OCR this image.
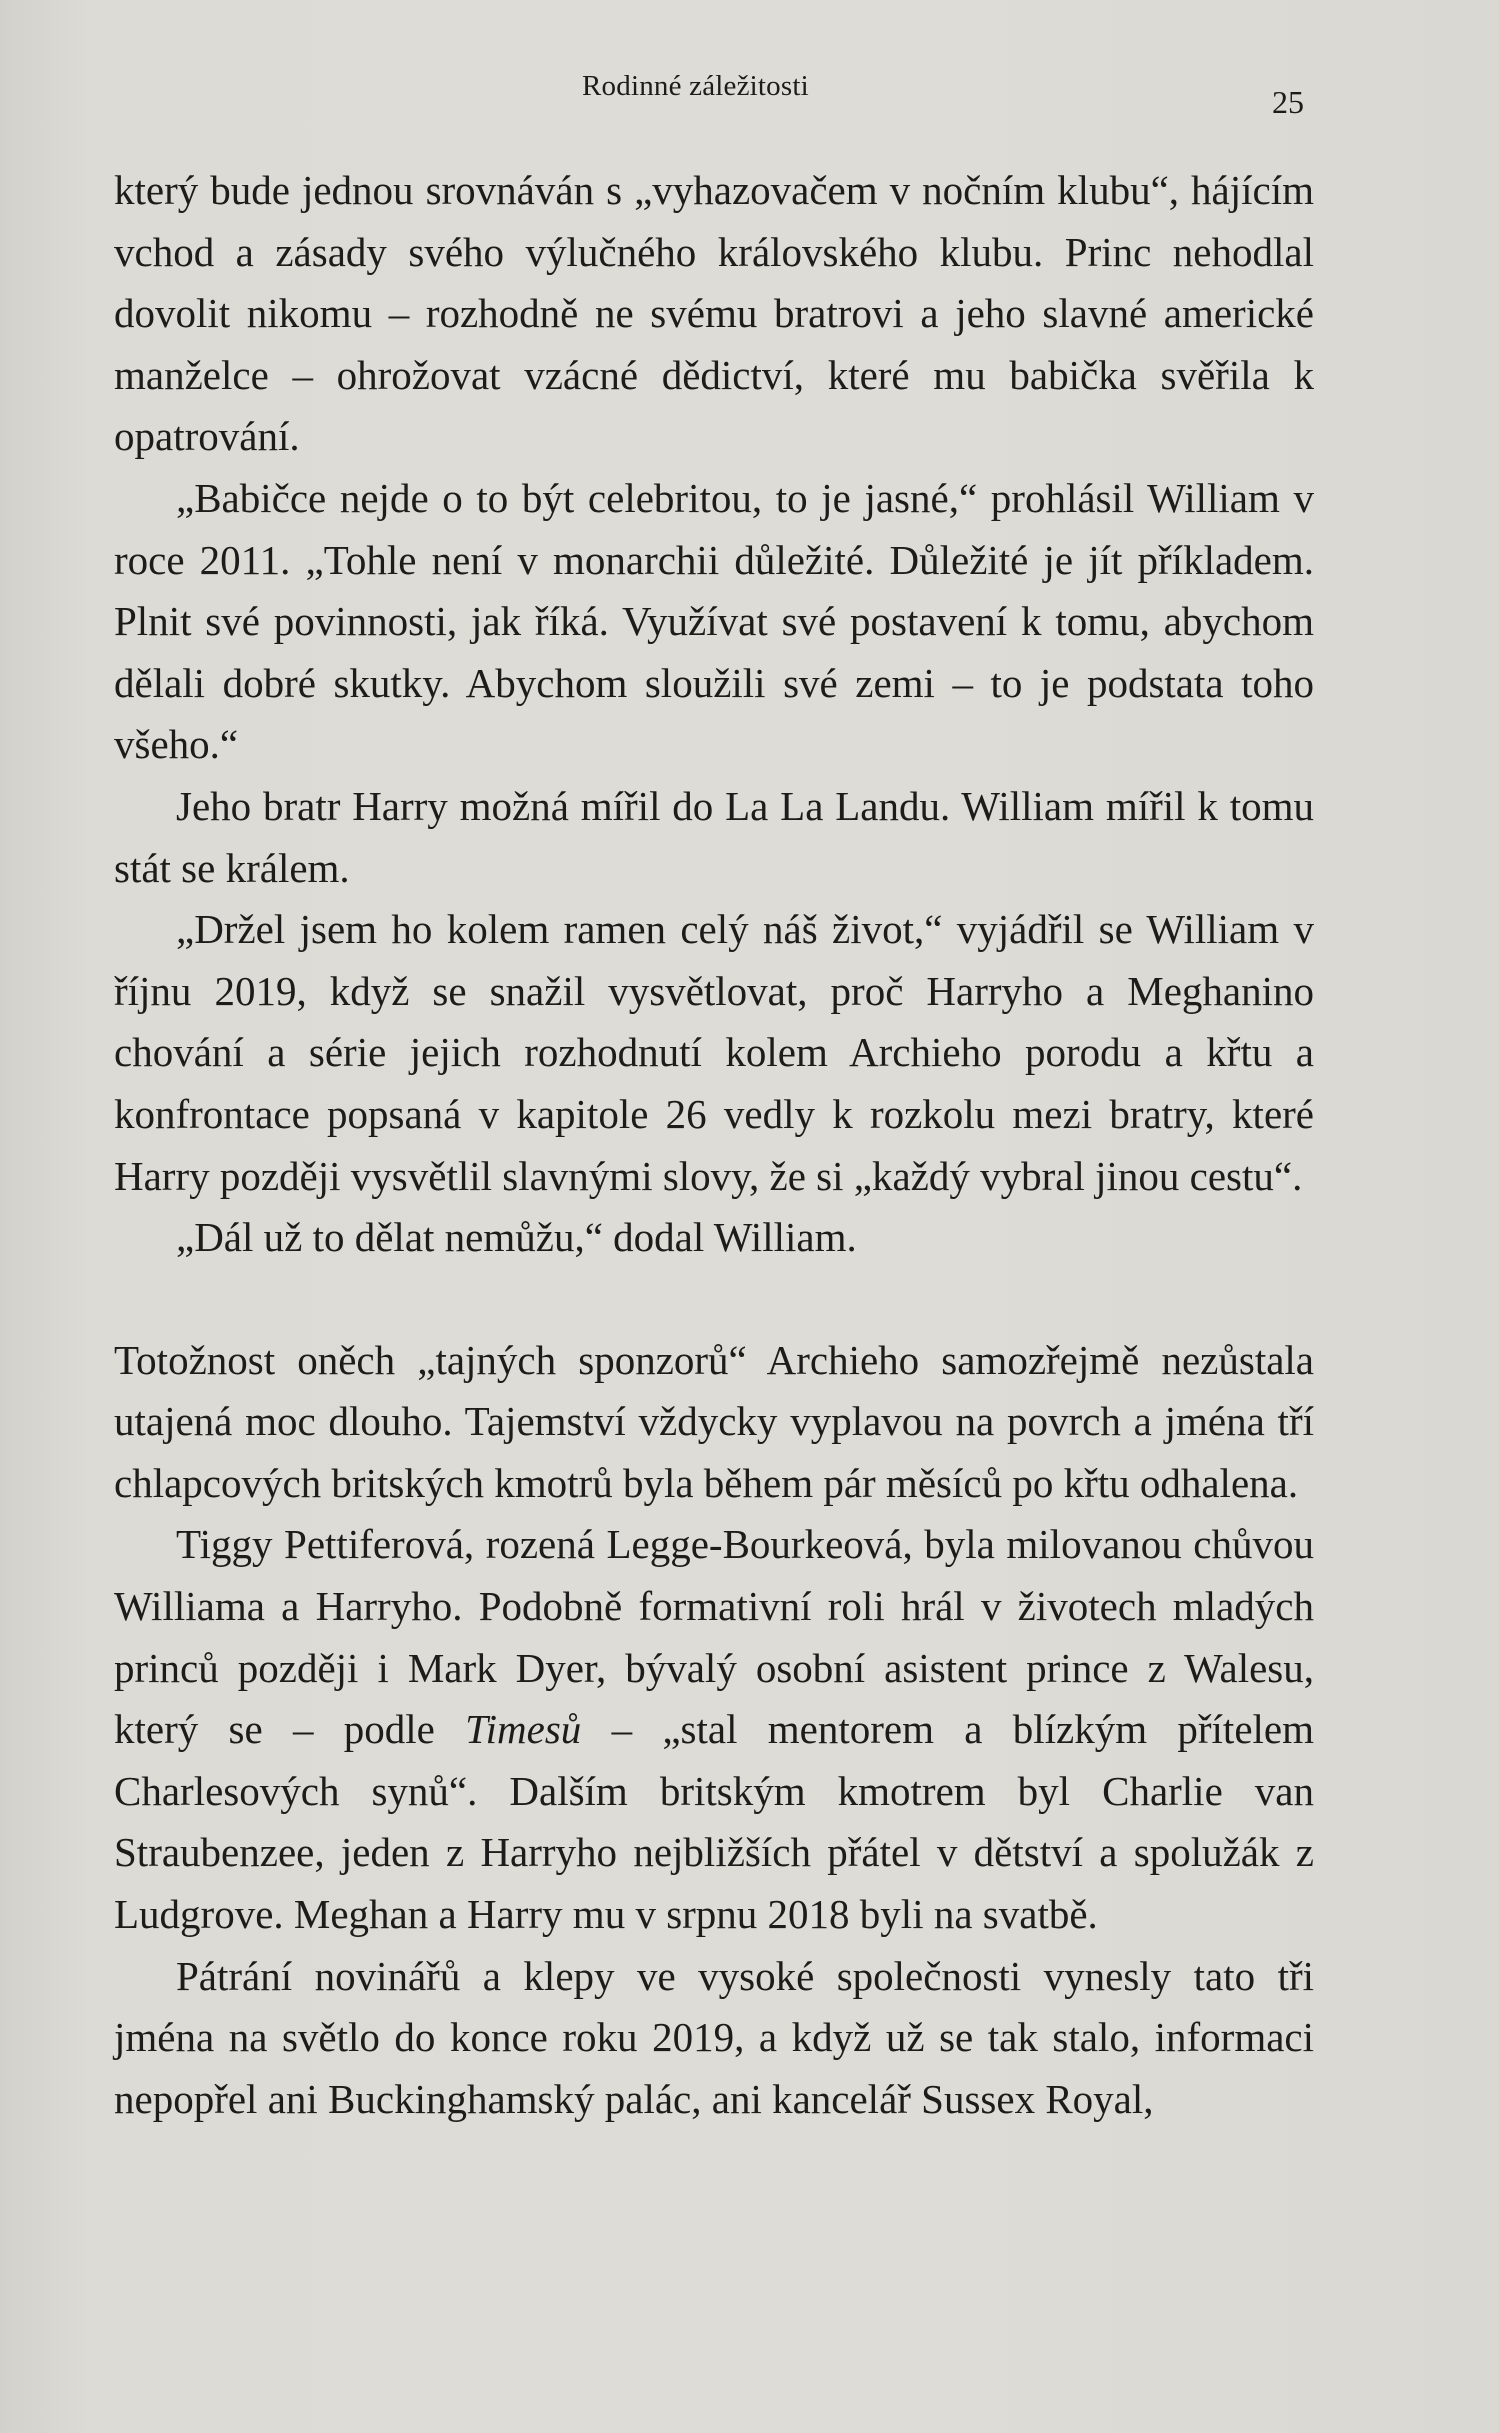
Rodinné záležitosti	25

který bude jednou srovnáván s „vyhazovačem v nočním klubu“, hájícím vchod a zásady svého výlučného královského klubu. Princ nehodlal dovolit nikomu – rozhodně ne svému bratrovi a jeho slavné americké manželce – ohrožovat vzácné dědictví, které mu babička svěřila k opatrování.

„Babičce nejde o to být celebritou, to je jasné,“ prohlásil William v roce 2011. „Tohle není v monarchii důležité. Důležité je jít příkladem. Plnit své povinnosti, jak říká. Využívat své postavení k tomu, abychom dělali dobré skutky. Abychom sloužili své zemi – to je podstata toho všeho.“

Jeho bratr Harry možná mířil do La La Landu. William mířil k tomu stát se králem.

„Držel jsem ho kolem ramen celý náš život,“ vyjádřil se William v říjnu 2019, když se snažil vysvětlovat, proč Harryho a Meghanino chování a série jejich rozhodnutí kolem Archieho porodu a křtu a konfrontace popsaná v kapitole 26 vedly k rozkolu mezi bratry, které Harry později vysvětlil slavnými slovy, že si „každý vybral jinou cestu“.

„Dál už to dělat nemůžu,“ dodal William.

Totožnost oněch „tajných sponzorů“ Archieho samozřejmě nezůstala utajená moc dlouho. Tajemství vždycky vyplavou na povrch a jména tří chlapcových britských kmotrů byla během pár měsíců po křtu odhalena.

Tiggy Pettiferová, rozená Legge-Bourkeová, byla milovanou chůvou Williama a Harryho. Podobně formativní roli hrál v životech mladých princů později i Mark Dyer, bývalý osobní asistent prince z Walesu, který se – podle Timesů – „stal mentorem a blízkým přítelem Charlesových synů“. Dalším britským kmotrem byl Charlie van Straubenzee, jeden z Harryho nejbližších přátel v dětství a spolužák z Ludgrove. Meghan a Harry mu v srpnu 2018 byli na svatbě.

Pátrání novinářů a klepy ve vysoké společnosti vynesly tato tři jména na světlo do konce roku 2019, a když už se tak stalo, informaci nepopřel ani Buckinghamský palác, ani kancelář Sussex Royal,
